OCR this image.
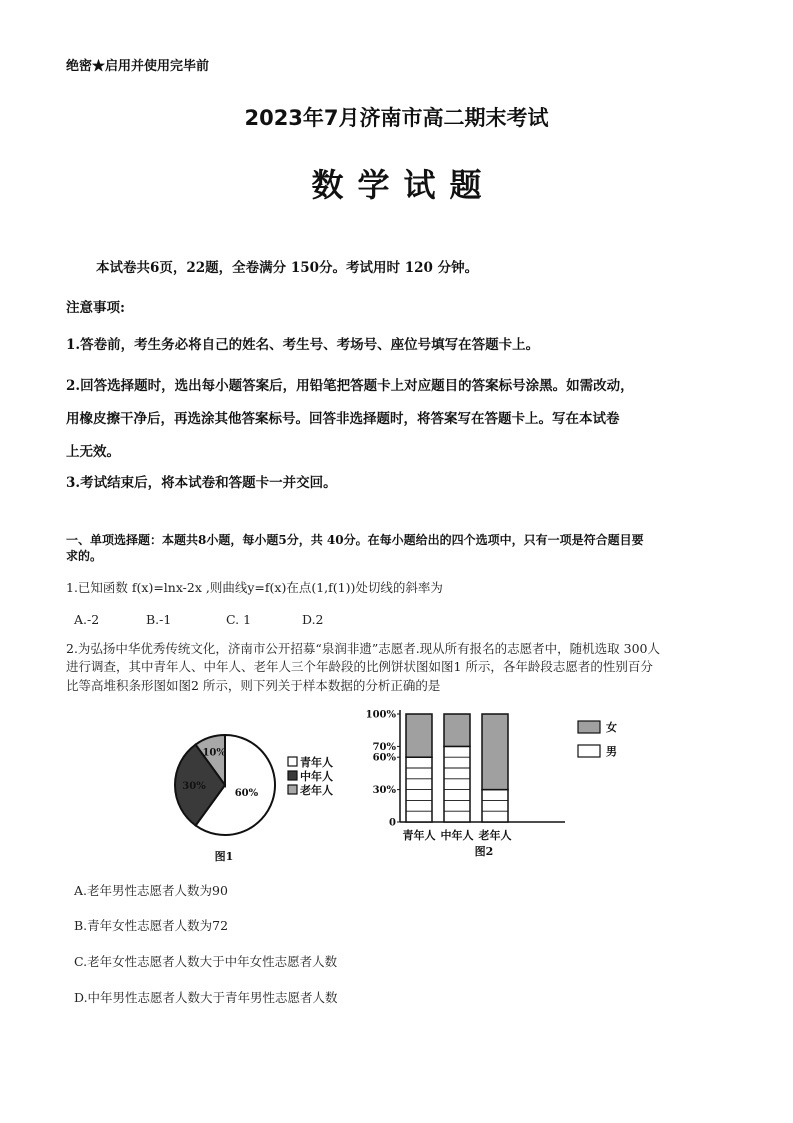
绝密★启用并使用完毕前
2023年7月济南市高二期末考试
数学试题
本试卷共6页，22题，全卷满分 150分。考试用时 120 分钟。
注意事项:
1.答卷前，考生务必将自己的姓名、考生号、考场号、座位号填写在答题卡上。
2.回答选择题时，选出每小题答案后，用铅笔把答题卡上对应题目的答案标号涂黑。如需改动，
用橡皮擦干净后，再选涂其他答案标号。回答非选择题时，将答案写在答题卡上。写在本试卷
上无效。
3.考试结束后，将本试卷和答题卡一并交回。
一、单项选择题：本题共8小题，每小题5分，共 40分。在每小题给出的四个选项中，只有一项是符合题目要
求的。
1.已知函数 f(x)=lnx-2x ,则曲线y=f(x)在点(1,f(1))处切线的斜率为
A.-2	B.-1	C. 1	D.2
2.为弘扬中华优秀传统文化，济南市公开招募“泉润非遗”志愿者.现从所有报名的志愿者中，随机选取 300人
进行调查，其中青年人、中年人、老年人三个年龄段的比例饼状图如图1 所示，各年龄段志愿者的性别百分
比等高堆积条形图如图2 所示，则下列关于样本数据的分析正确的是
60%
30%
10%
青年人
中年人
老年人
图1
0
30%
60%
70%
100%
青年人 中年人 老年人
女
男
图2
A.老年男性志愿者人数为90
B.青年女性志愿者人数为72
C.老年女性志愿者人数大于中年女性志愿者人数
D.中年男性志愿者人数大于青年男性志愿者人数
